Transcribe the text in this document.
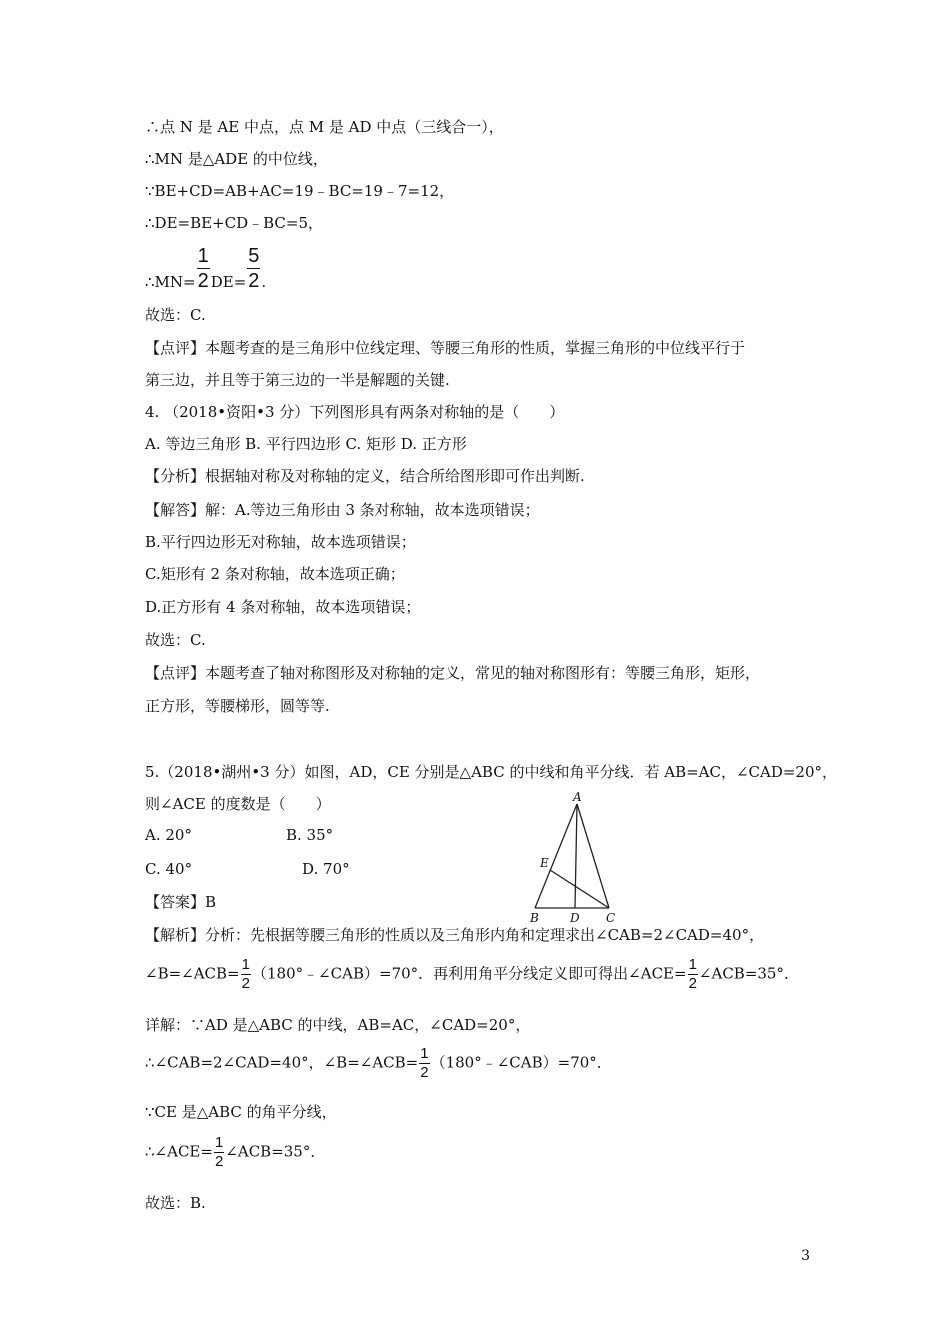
∴点 N 是 AE 中点，点 M 是 AD 中点（三线合一），
∴MN 是△ADE 的中位线，
∵BE+CD=AB+AC=19﹣BC=19﹣7=12，
∴DE=BE+CD﹣BC=5，
∴MN= $\frac{1}{2} DE= \frac{5}{2}$ .
故选：C.
【点评】本题考查的是三角形中位线定理、等腰三角形的性质，掌握三角形的中位线平行于
第三边，并且等于第三边的一半是解题的关键.
4. （2018•资阳•3 分）下列图形具有两条对称轴的是（　　）
A. 等边三角形 B. 平行四边形 C. 矩形 D. 正方形
【分析】根据轴对称及对称轴的定义，结合所给图形即可作出判断.
【解答】解：A.等边三角形由 3 条对称轴，故本选项错误；
B.平行四边形无对称轴，故本选项错误；
C.矩形有 2 条对称轴，故本选项正确；
D.正方形有 4 条对称轴，故本选项错误；
故选：C.
【点评】本题考查了轴对称图形及对称轴的定义，常见的轴对称图形有：等腰三角形，矩形，
正方形，等腰梯形，圆等等.
5.（2018•湖州•3 分）如图，AD，CE 分别是△ABC 的中线和角平分线．若 AB=AC，∠CAD=20°，
则∠ACE 的度数是（　　）
A. 20°	B. 35°
C. 40°	D. 70°
【答案】B
A
B	C
D
E
【解析】分析：先根据等腰三角形的性质以及三角形内角和定理求出∠CAB=2∠CAD=40°，
∠B=∠ACB= $\frac{1}{2}$ （180°﹣∠CAB）=70°．再利用角平分线定义即可得出∠ACE= $\frac{1}{2}$ ∠ACB=35°．
详解：∵AD 是△ABC 的中线，AB=AC，∠CAD=20°，
∴∠CAB=2∠CAD=40°，∠B=∠ACB= $\frac{1}{2}$ （180°﹣∠CAB）=70°．
∵CE 是△ABC 的角平分线，
∴∠ACE= $\frac{1}{2}$ ∠ACB=35°．
故选：B.
3
